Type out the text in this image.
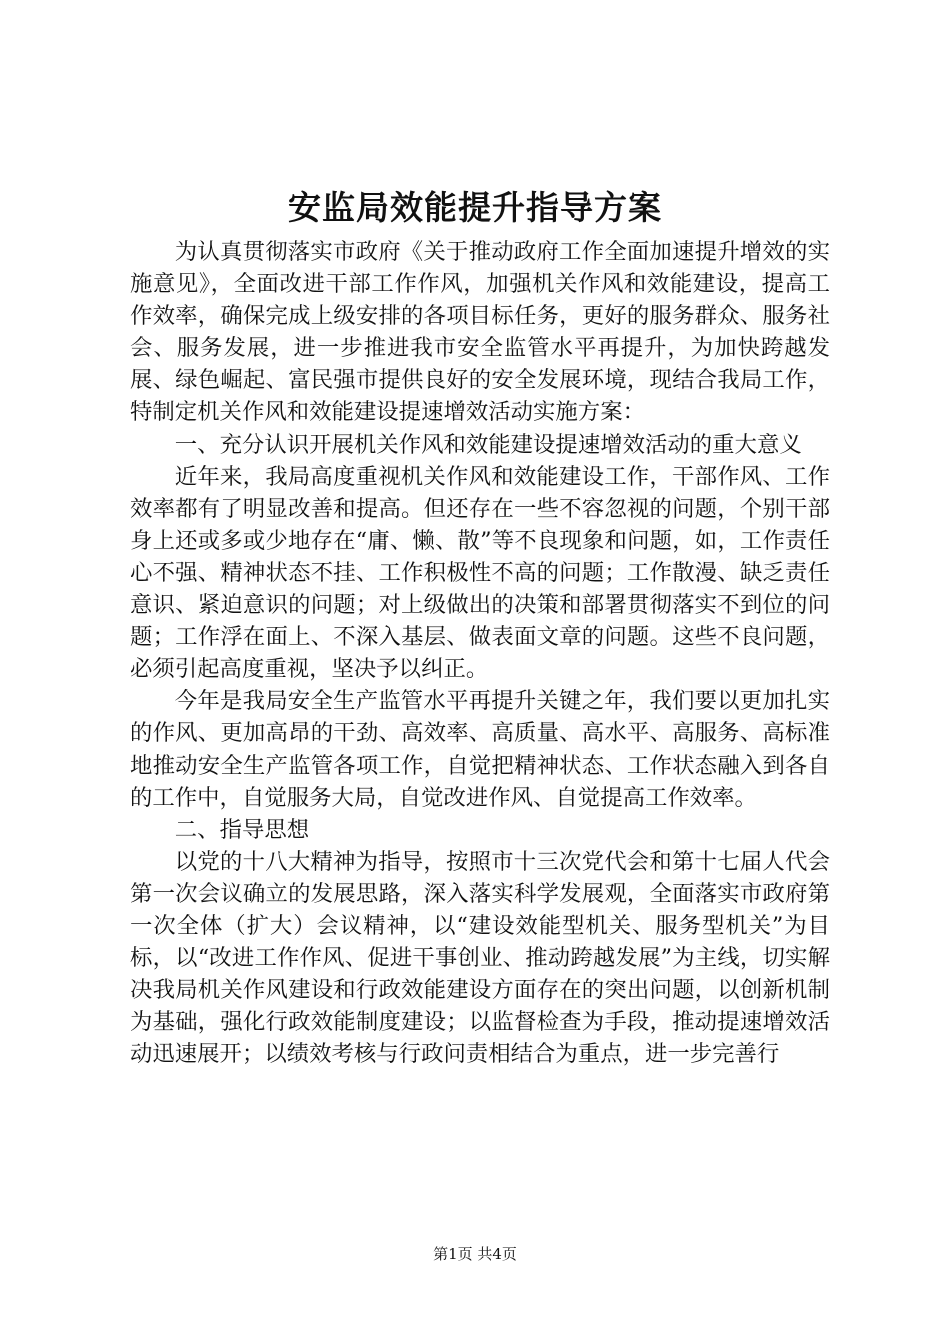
安监局效能提升指导方案

为认真贯彻落实市政府《关于推动政府工作全面加速提升增效的实施意见》，全面改进干部工作作风，加强机关作风和效能建设，提高工作效率，确保完成上级安排的各项目标任务，更好的服务群众、服务社会、服务发展，进一步推进我市安全监管水平再提升，为加快跨越发展、绿色崛起、富民强市提供良好的安全发展环境，现结合我局工作，特制定机关作风和效能建设提速增效活动实施方案：

一、充分认识开展机关作风和效能建设提速增效活动的重大意义

近年来，我局高度重视机关作风和效能建设工作，干部作风、工作效率都有了明显改善和提高。但还存在一些不容忽视的问题，个别干部身上还或多或少地存在“庸、懒、散”等不良现象和问题，如，工作责任心不强、精神状态不挂、工作积极性不高的问题；工作散漫、缺乏责任意识、紧迫意识的问题；对上级做出的决策和部署贯彻落实不到位的问题；工作浮在面上、不深入基层、做表面文章的问题。这些不良问题，必须引起高度重视，坚决予以纠正。

今年是我局安全生产监管水平再提升关键之年，我们要以更加扎实的作风、更加高昂的干劲、高效率、高质量、高水平、高服务、高标准地推动安全生产监管各项工作，自觉把精神状态、工作状态融入到各自的工作中，自觉服务大局，自觉改进作风、自觉提高工作效率。

二、指导思想

以党的十八大精神为指导，按照市十三次党代会和第十七届人代会第一次会议确立的发展思路，深入落实科学发展观，全面落实市政府第一次全体（扩大）会议精神，以“建设效能型机关、服务型机关”为目标，以“改进工作作风、促进干事创业、推动跨越发展”为主线，切实解决我局机关作风建设和行政效能建设方面存在的突出问题，以创新机制为基础，强化行政效能制度建设；以监督检查为手段，推动提速增效活动迅速展开；以绩效考核与行政问责相结合为重点，进一步完善行

第1页 共4页
